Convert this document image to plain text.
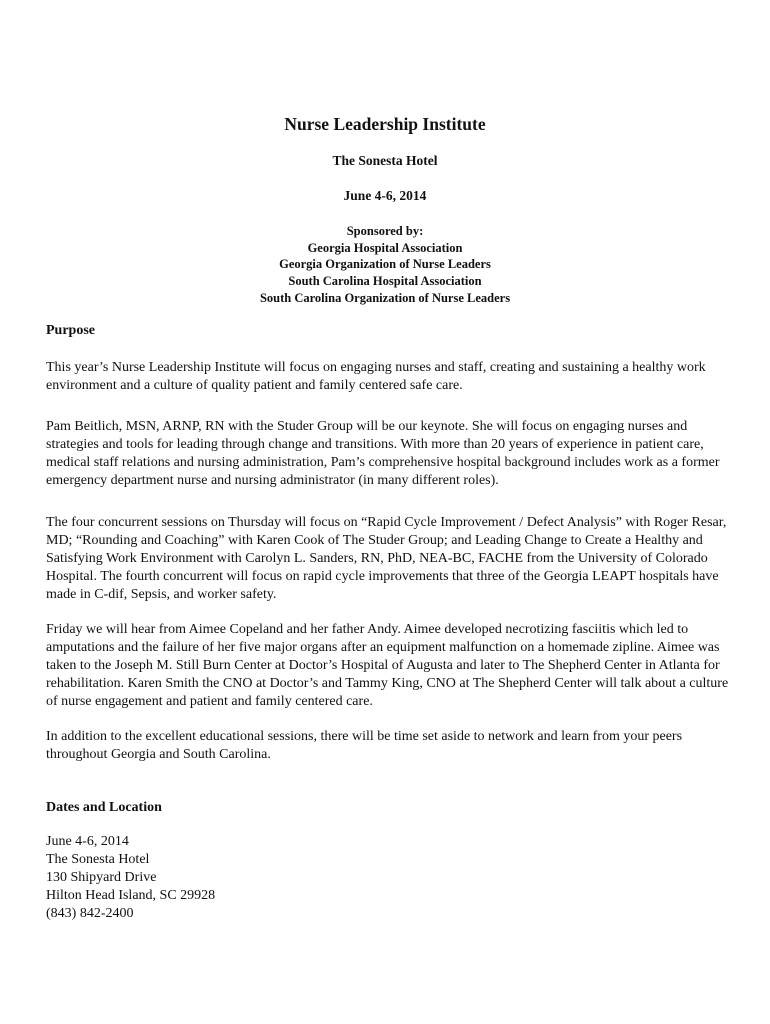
Nurse Leadership Institute
The Sonesta Hotel
June 4-6, 2014
Sponsored by:
Georgia Hospital Association
Georgia Organization of Nurse Leaders
South Carolina Hospital Association
South Carolina Organization of Nurse Leaders
Purpose

This year’s Nurse Leadership Institute will focus on engaging nurses and staff, creating and sustaining a healthy work environment and a culture of quality patient and family centered safe care.

Pam Beitlich, MSN, ARNP, RN with the Studer Group will be our keynote. She will focus on engaging nurses and strategies and tools for leading through change and transitions. With more than 20 years of experience in patient care, medical staff relations and nursing administration, Pam’s comprehensive hospital background includes work as a former emergency department nurse and nursing administrator (in many different roles).

The four concurrent sessions on Thursday will focus on “Rapid Cycle Improvement / Defect Analysis” with Roger Resar, MD; “Rounding and Coaching” with Karen Cook of The Studer Group; and Leading Change to Create a Healthy and Satisfying Work Environment with Carolyn L. Sanders, RN, PhD, NEA-BC, FACHE from the University of Colorado Hospital. The fourth concurrent will focus on rapid cycle improvements that three of the Georgia LEAPT hospitals have made in C-dif, Sepsis, and worker safety.

Friday we will hear from Aimee Copeland and her father Andy. Aimee developed necrotizing fasciitis which led to amputations and the failure of her five major organs after an equipment malfunction on a homemade zipline. Aimee was taken to the Joseph M. Still Burn Center at Doctor’s Hospital of Augusta and later to The Shepherd Center in Atlanta for rehabilitation. Karen Smith the CNO at Doctor’s and Tammy King, CNO at The Shepherd Center will talk about a culture of nurse engagement and patient and family centered care.

In addition to the excellent educational sessions, there will be time set aside to network and learn from your peers throughout Georgia and South Carolina.

Dates and Location
June 4-6, 2014
The Sonesta Hotel
130 Shipyard Drive
Hilton Head Island, SC 29928
(843) 842-2400
